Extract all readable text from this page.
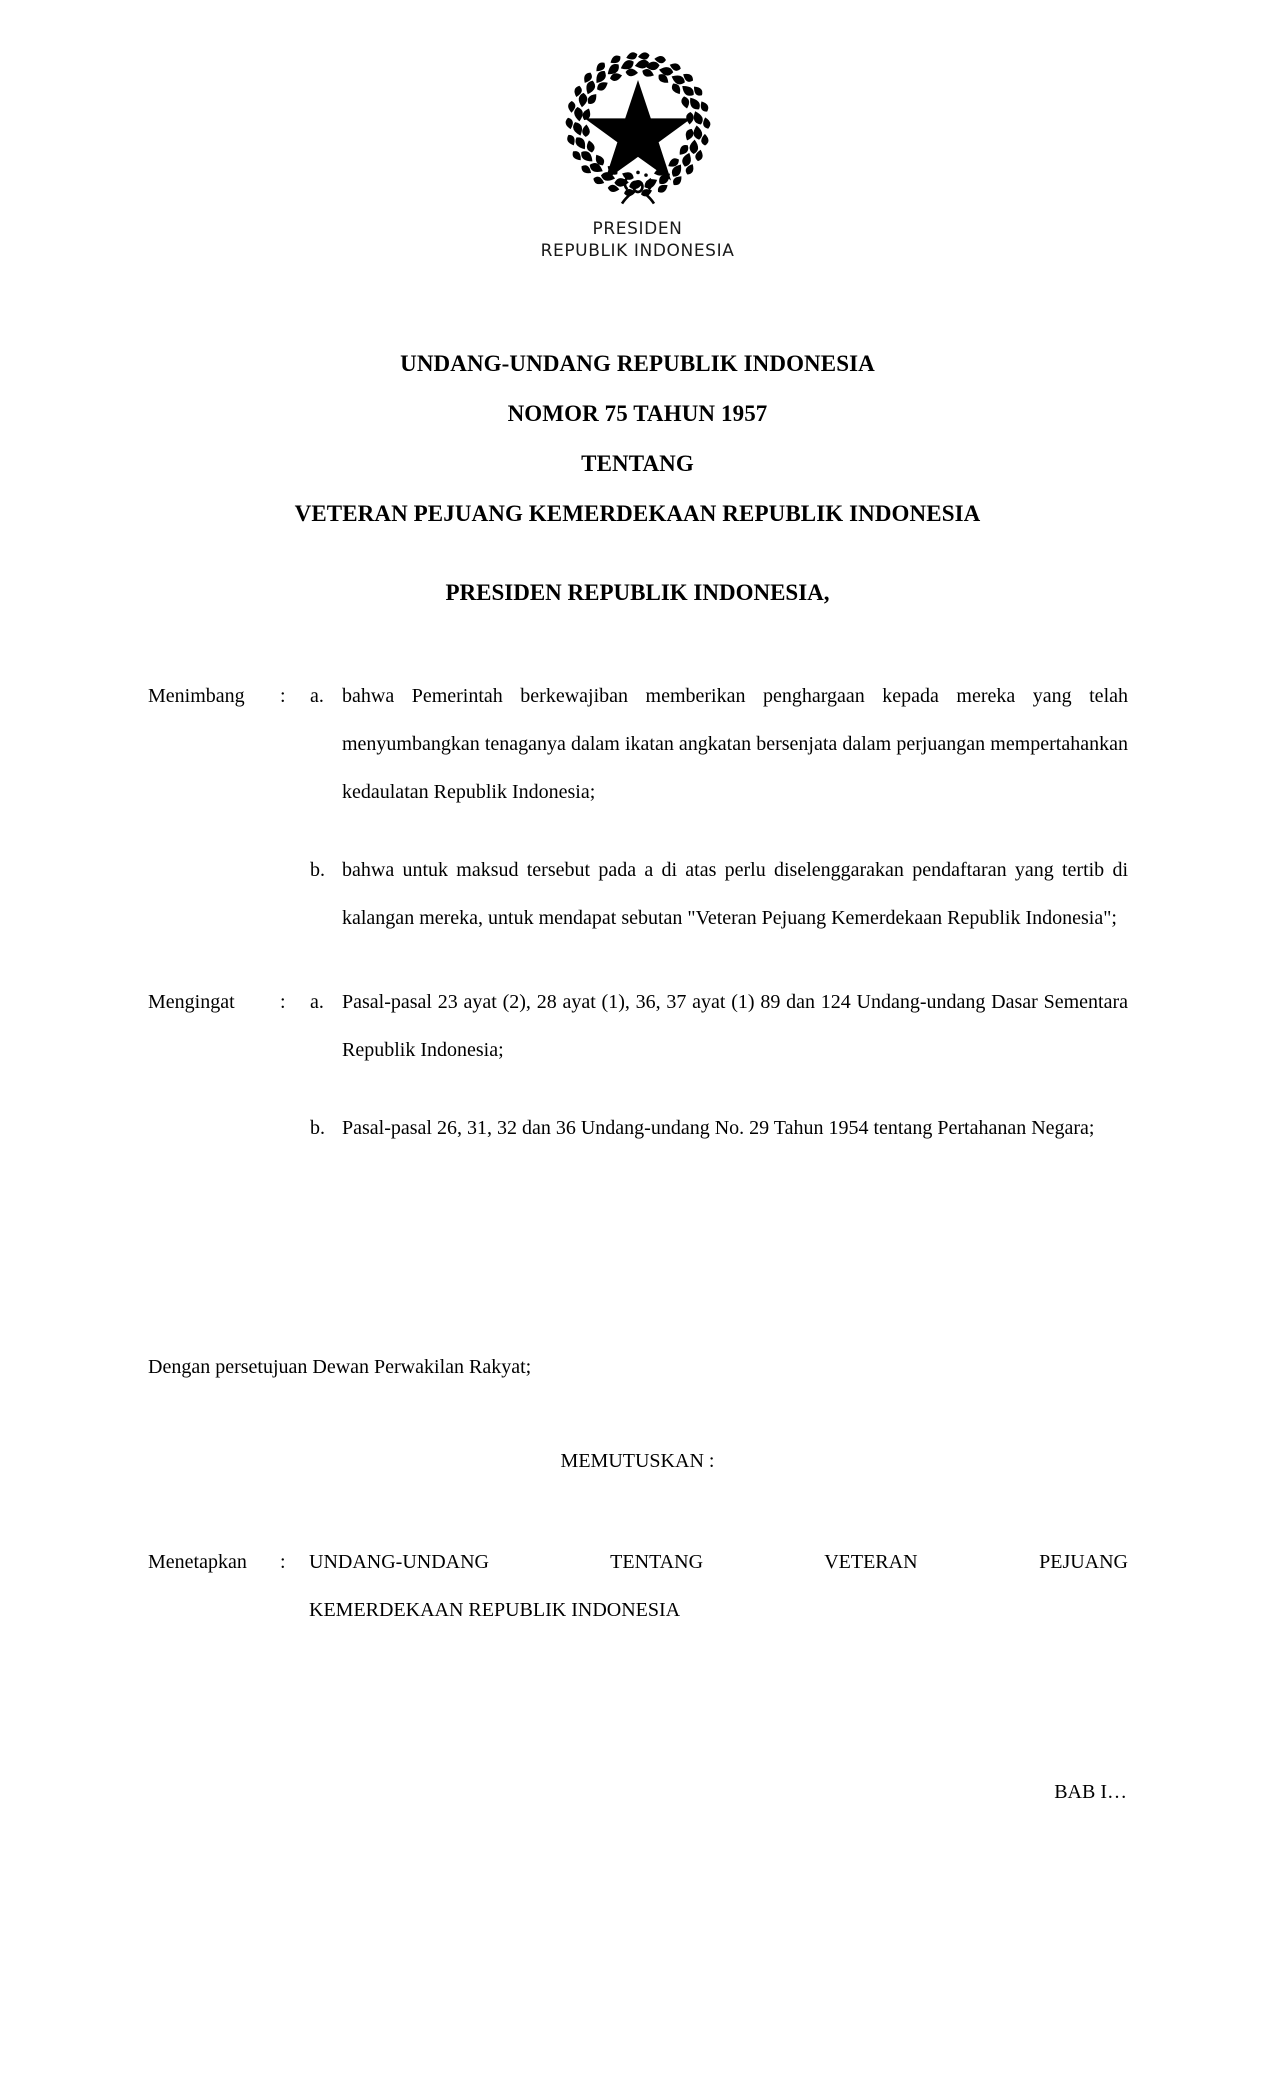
PRESIDEN
REPUBLIK INDONESIA
UNDANG-UNDANG REPUBLIK INDONESIA
NOMOR 75 TAHUN 1957
TENTANG
VETERAN PEJUANG KEMERDEKAAN REPUBLIK INDONESIA
PRESIDEN REPUBLIK INDONESIA,
Menimbang	:	a. bahwa Pemerintah berkewajiban memberikan penghargaan kepada mereka yang telah menyumbangkan tenaganya dalam ikatan angkatan bersenjata dalam perjuangan mempertahankan kedaulatan Republik Indonesia;
b. bahwa untuk maksud tersebut pada a di atas perlu diselenggarakan pendaftaran yang tertib di kalangan mereka, untuk mendapat sebutan "Veteran Pejuang Kemerdekaan Republik Indonesia";
Mengingat	:	a. Pasal-pasal 23 ayat (2), 28 ayat (1), 36, 37 ayat (1) 89 dan 124 Undang-undang Dasar Sementara Republik Indonesia;
b. Pasal-pasal 26, 31, 32 dan 36 Undang-undang No. 29 Tahun 1954 tentang Pertahanan Negara;
Dengan persetujuan Dewan Perwakilan Rakyat;
MEMUTUSKAN :
Menetapkan	:	UNDANG-UNDANG TENTANG VETERAN PEJUANG
KEMERDEKAAN REPUBLIK INDONESIA
BAB I…
